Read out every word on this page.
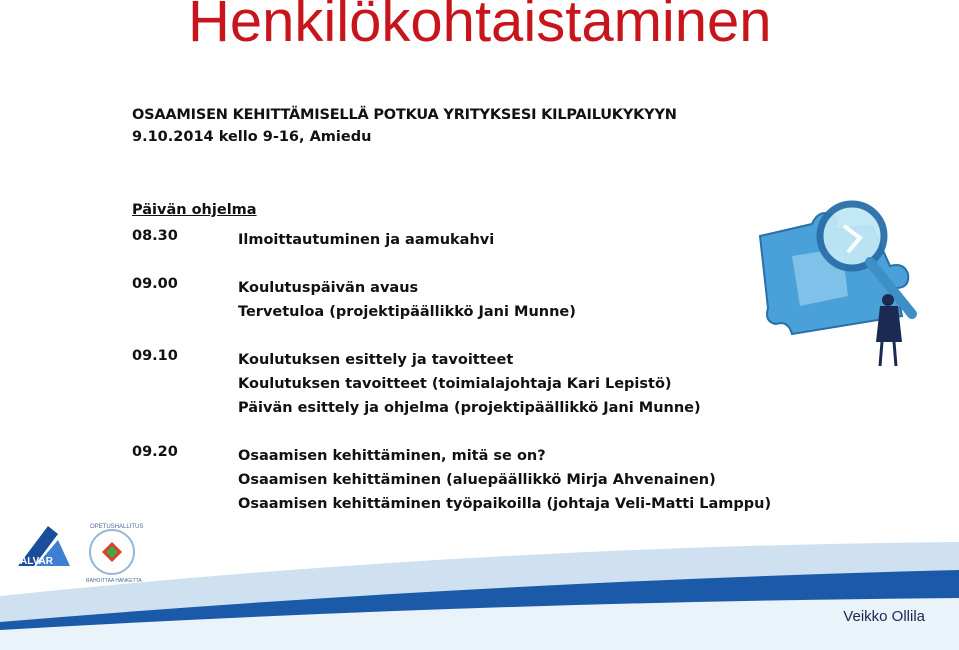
Henkilökohtaistaminen
OSAAMISEN KEHITTÄMISELLÄ POTKUA YRITYKSESI KILPAILUKYKYYN
9.10.2014 kello 9-16, Amiedu
Päivän ohjelma
08.30	Ilmoittautuminen ja aamukahvi
09.00	Koulutuspäivän avaus
Tervetuloa (projektipäällikkö Jani Munne)
09.10	Koulutuksen esittely ja tavoitteet
Koulutuksen tavoitteet (toimialajohtaja Kari Lepistö)
Päivän esittely ja ohjelma (projektipäällikkö Jani Munne)
09.20	Osaamisen kehittäminen, mitä se on?
Osaamisen kehittäminen (aluepäällikkö Mirja Ahvenainen)
Osaamisen kehittäminen työpaikoilla (johtaja Veli-Matti Lamppu)
ALVAR
OPETUSHALLITUS
RAHOITTAA HANKETTA
Veikko Ollila
